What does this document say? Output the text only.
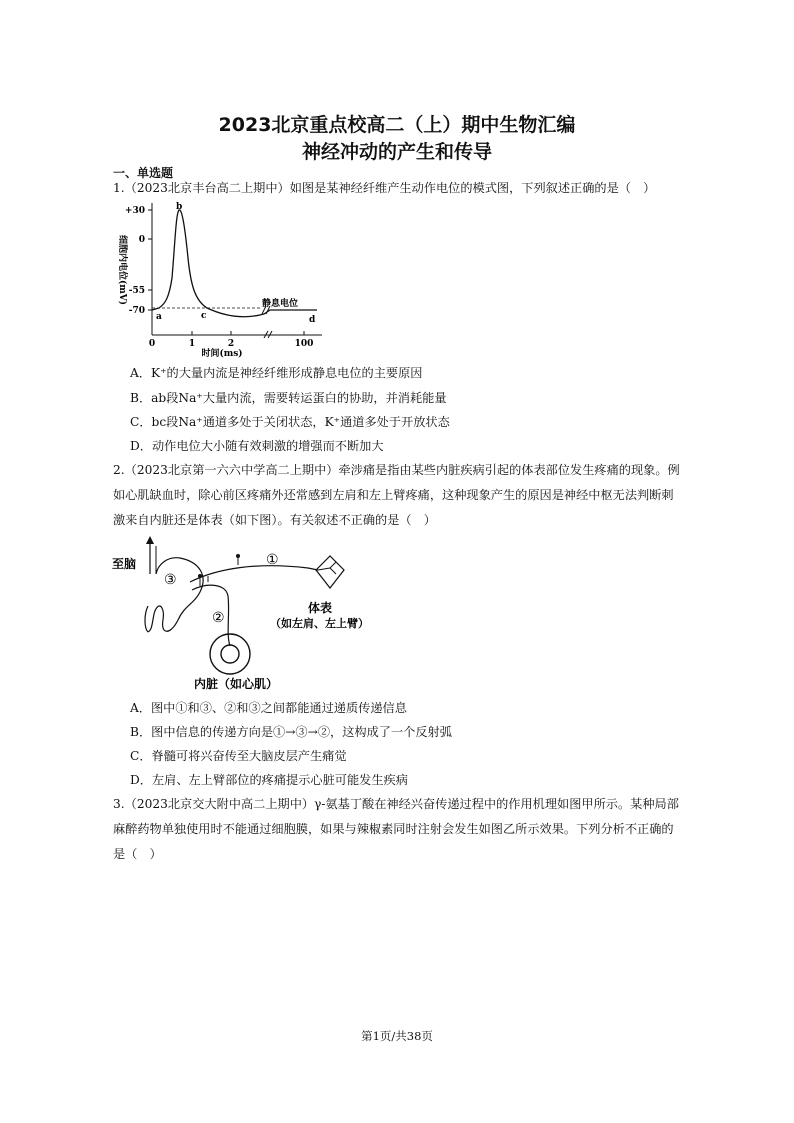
2023北京重点校高二（上）期中生物汇编
神经冲动的产生和传导
一、单选题
1.（2023北京丰台高二上期中）如图是某神经纤维产生动作电位的模式图，下列叙述正确的是（　）
细胞内电位(mV)
+30
0
-55
-70
0	1	2	100
时间(ms)
a
b
c	d
静息电位
A．K⁺的大量内流是神经纤维形成静息电位的主要原因
B．ab段Na⁺大量内流，需要转运蛋白的协助，并消耗能量
C．bc段Na⁺通道多处于关闭状态，K⁺通道多处于开放状态
D．动作电位大小随有效刺激的增强而不断加大
2.（2023北京第一六六中学高二上期中）牵涉痛是指由某些内脏疾病引起的体表部位发生疼痛的现象。例
如心肌缺血时，除心前区疼痛外还常感到左肩和左上臂疼痛，这种现象产生的原因是神经中枢无法判断刺
激来自内脏还是体表（如下图）。有关叙述不正确的是（　）
至脑
③
①
体表
（如左肩、左上臂）
②
内脏（如心肌）
A．图中①和③、②和③之间都能通过递质传递信息
B．图中信息的传递方向是①→③→②，这构成了一个反射弧
C．脊髓可将兴奋传至大脑皮层产生痛觉
D．左肩、左上臂部位的疼痛提示心脏可能发生疾病
3.（2023北京交大附中高二上期中）γ-氨基丁酸在神经兴奋传递过程中的作用机理如图甲所示。某种局部
麻醉药物单独使用时不能通过细胞膜，如果与辣椒素同时注射会发生如图乙所示效果。下列分析不正确的
是（　）
第1页/共38页
